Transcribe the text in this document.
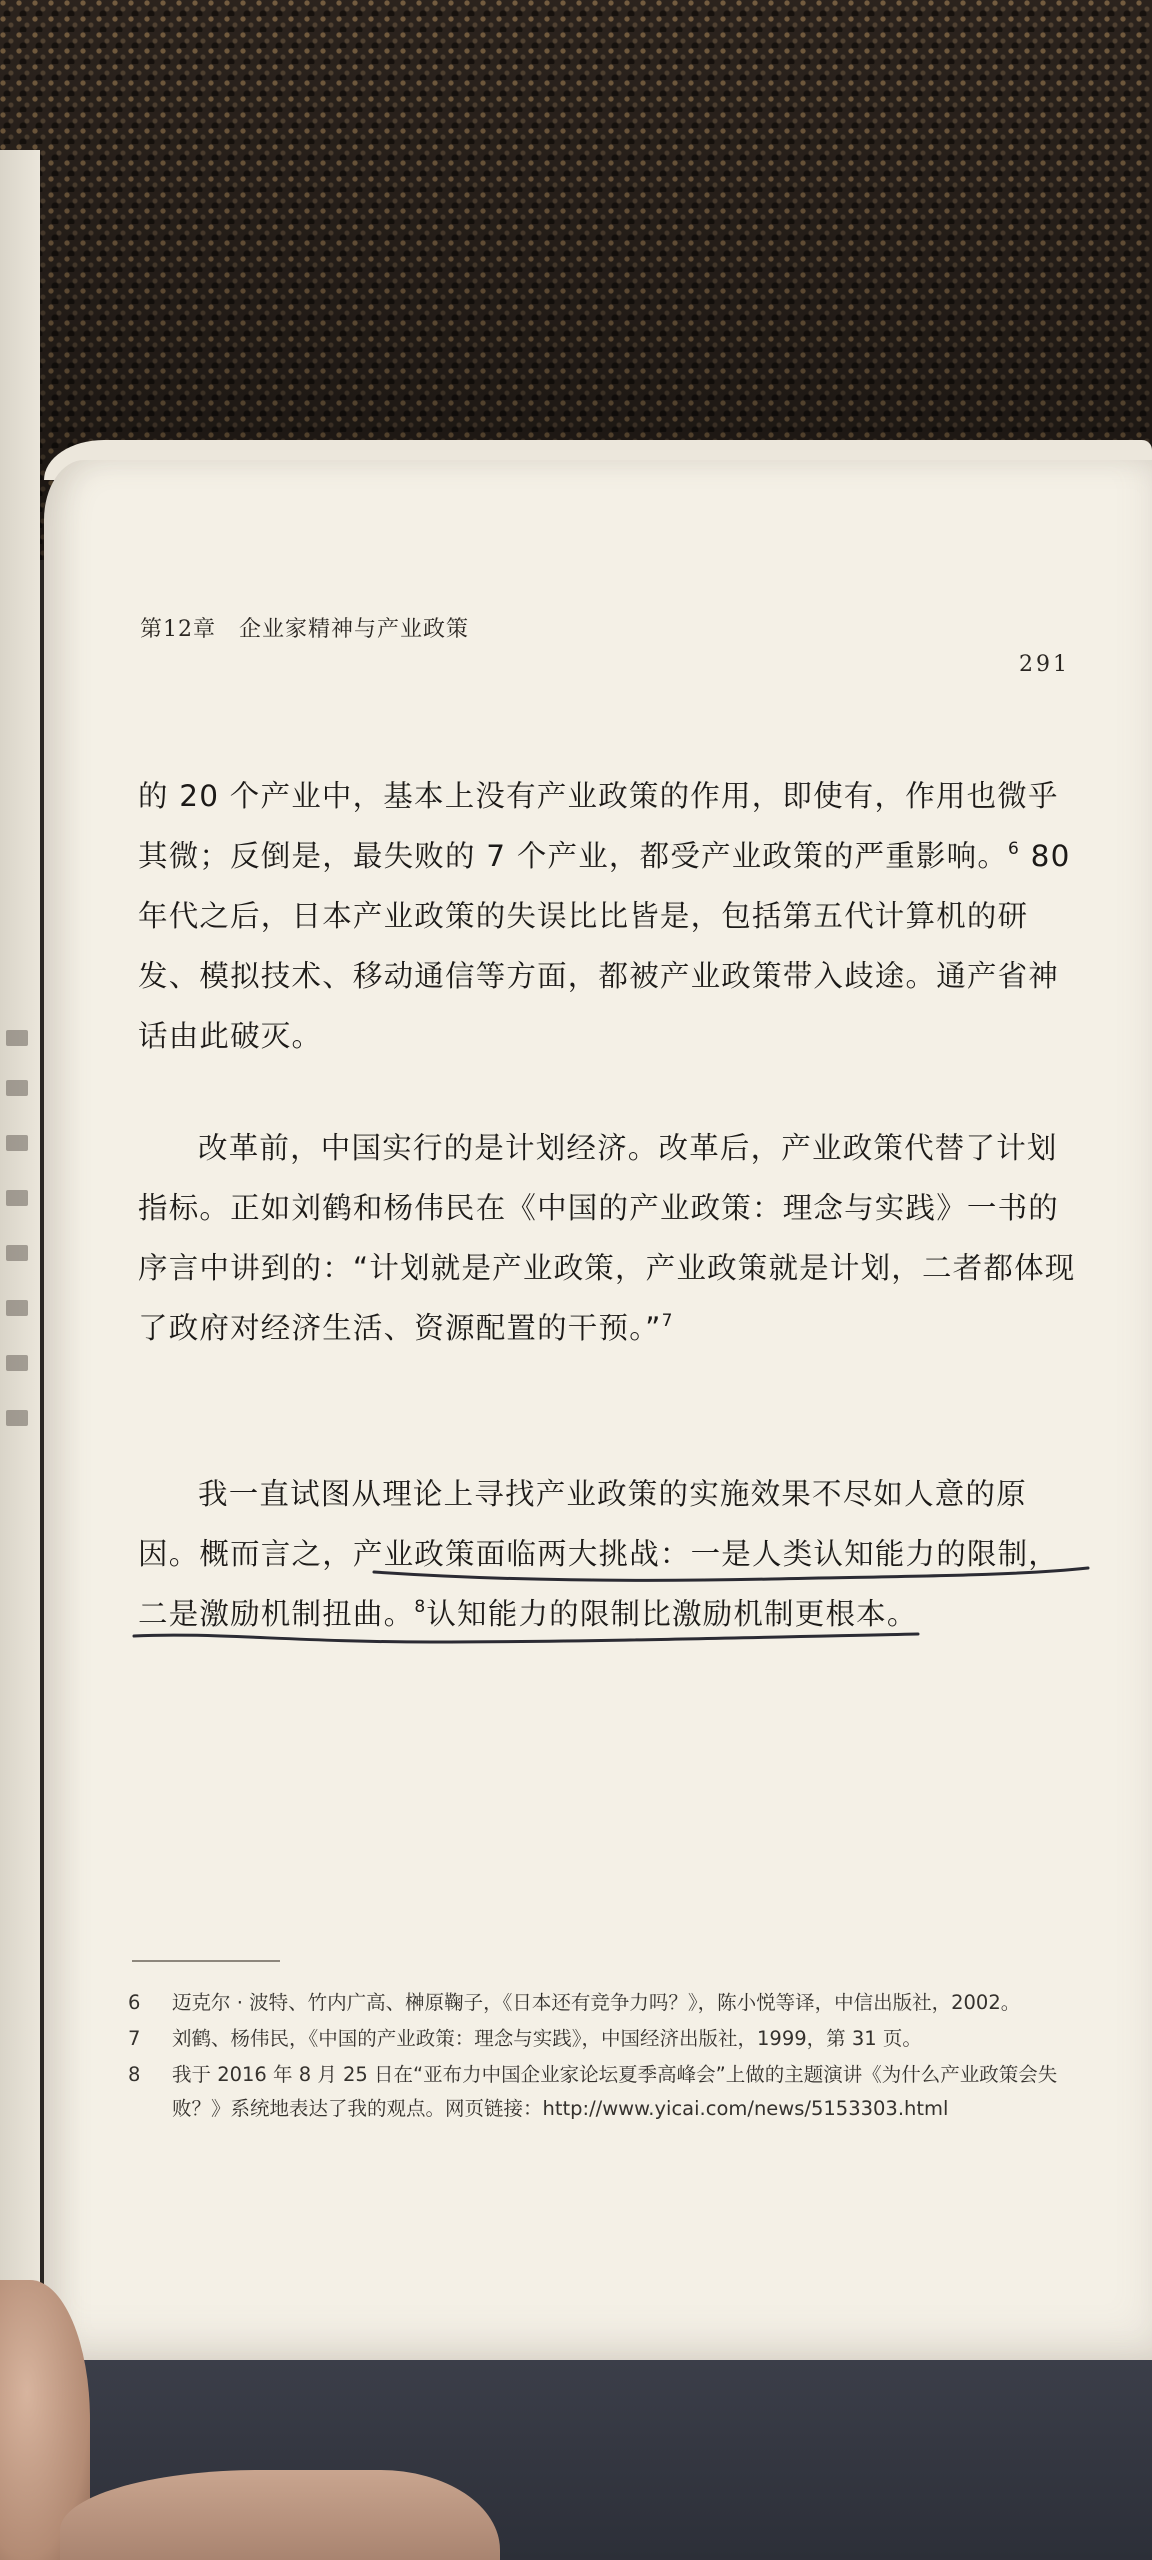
第12章　企业家精神与产业政策
291

的 20 个产业中，基本上没有产业政策的作用，即使有，作用也微乎其微；反倒是，最失败的 7 个产业，都受产业政策的严重影响。$^6$ 80 年代之后，日本产业政策的失误比比皆是，包括第五代计算机的研发、模拟技术、移动通信等方面，都被产业政策带入歧途。通产省神话由此破灭。

改革前，中国实行的是计划经济。改革后，产业政策代替了计划指标。正如刘鹤和杨伟民在《中国的产业政策：理念与实践》一书的序言中讲到的：“计划就是产业政策，产业政策就是计划，二者都体现了政府对经济生活、资源配置的干预。”$^7$

我一直试图从理论上寻找产业政策的实施效果不尽如人意的原因。概而言之，产业政策面临两大挑战：一是人类认知能力的限制，二是激励机制扭曲。$^8$认知能力的限制比激励机制更根本。

6	迈克尔 · 波特、竹内广高、榊原鞠子，《日本还有竞争力吗？》，陈小悦等译，中信出版社，2002。
7	刘鹤、杨伟民，《中国的产业政策：理念与实践》，中国经济出版社，1999，第 31 页。
8	我于 2016 年 8 月 25 日在“亚布力中国企业家论坛夏季高峰会”上做的主题演讲《为什么产业政策会失败？》系统地表达了我的观点。网页链接：http://www.yicai.com/news/5153303.html
